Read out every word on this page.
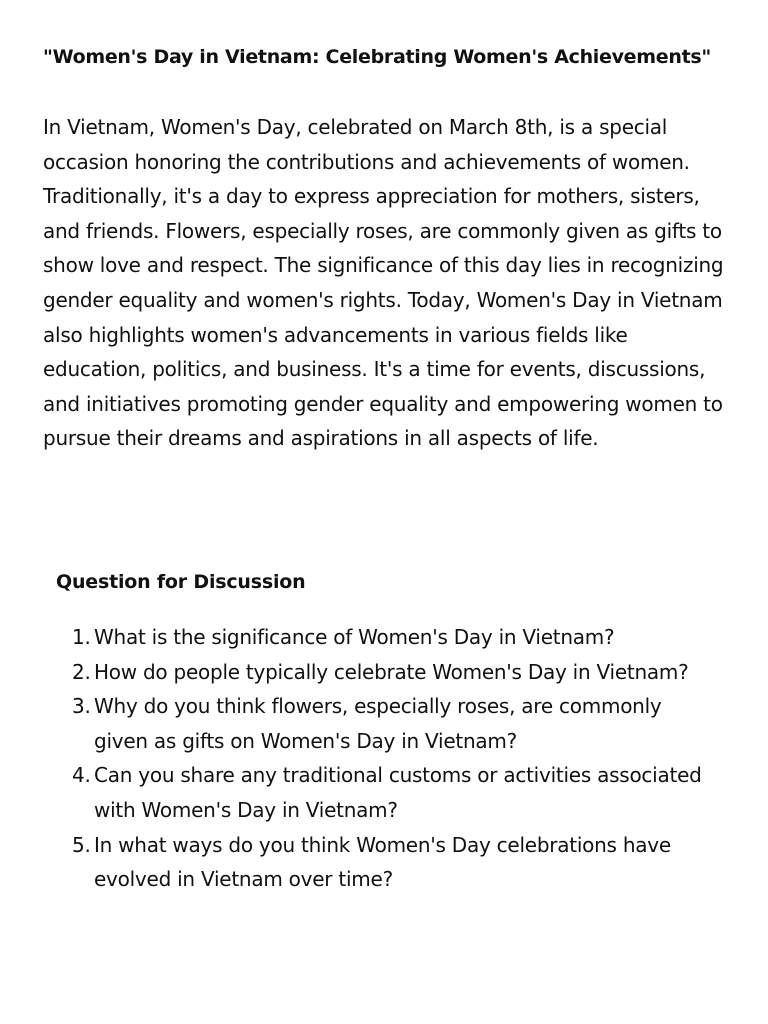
"Women's Day in Vietnam: Celebrating Women's Achievements"

In Vietnam, Women's Day, celebrated on March 8th, is a special occasion honoring the contributions and achievements of women. Traditionally, it's a day to express appreciation for mothers, sisters, and friends. Flowers, especially roses, are commonly given as gifts to show love and respect. The significance of this day lies in recognizing gender equality and women's rights. Today, Women's Day in Vietnam also highlights women's advancements in various fields like education, politics, and business. It's a time for events, discussions, and initiatives promoting gender equality and empowering women to pursue their dreams and aspirations in all aspects of life.

Question for Discussion
1. What is the significance of Women's Day in Vietnam?
2. How do people typically celebrate Women's Day in Vietnam?
3. Why do you think flowers, especially roses, are commonly given as gifts on Women's Day in Vietnam?
4. Can you share any traditional customs or activities associated with Women's Day in Vietnam?
5. In what ways do you think Women's Day celebrations have evolved in Vietnam over time?
